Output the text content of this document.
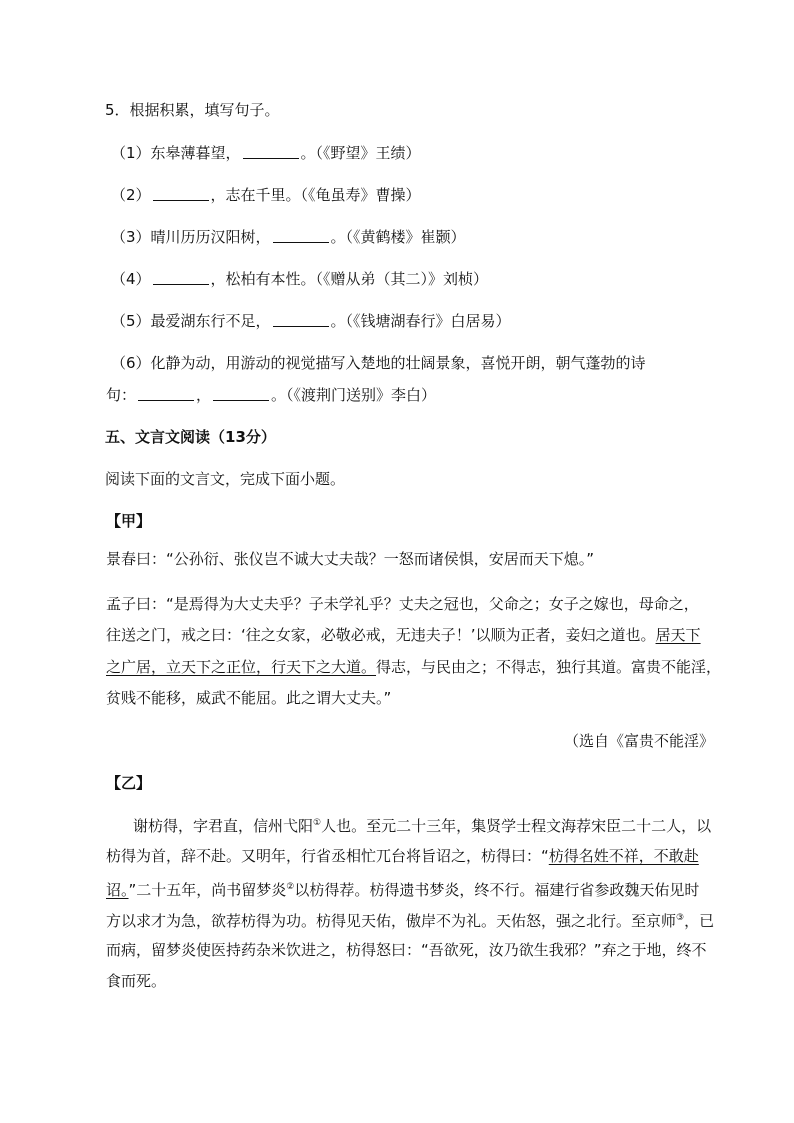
5．根据积累，填写句子。
（1）东皋薄暮望，	。（《野望》王绩）
（2）	，志在千里。（《龟虽寿》曹操）
（3）晴川历历汉阳树，	。（《黄鹤楼》崔颢）
（4）	，松柏有本性。（《赠从弟（其二）》刘桢）
（5）最爱湖东行不足，	。（《钱塘湖春行》白居易）
（6）化静为动，用游动的视觉描写入楚地的壮阔景象，喜悦开朗，朝气蓬勃的诗
句：	，	。（《渡荆门送别》李白）
五、文言文阅读（13分）
阅读下面的文言文，完成下面小题。
【甲】
景春曰：“公孙衍、张仪岂不诚大丈夫哉？一怒而诸侯惧，安居而天下熄。”
孟子曰：“是焉得为大丈夫乎？子未学礼乎？丈夫之冠也，父命之；女子之嫁也，母命之，
往送之门，戒之曰：‘往之女家，必敬必戒，无违夫子！’以顺为正者，妾妇之道也。居天下
之广居，立天下之正位，行天下之大道。得志，与民由之；不得志，独行其道。富贵不能淫，
贫贱不能移，威武不能屈。此之谓大丈夫。”
（选自《富贵不能淫》
【乙】
谢枋得，字君直，信州弋阳①人也。至元二十三年，集贤学士程文海荐宋臣二十二人，以
枋得为首，辞不赴。又明年，行省丞相忙兀台将旨诏之，枋得曰：“枋得名姓不祥，不敢赴
诏。”二十五年，尚书留梦炎②以枋得荐。枋得遗书梦炎，终不行。福建行省参政魏天佑见时
方以求才为急，欲荐枋得为功。枋得见天佑，傲岸不为礼。天佑怒，强之北行。至京师③，已
而病，留梦炎使医持药杂米饮进之，枋得怒曰：“吾欲死，汝乃欲生我邪？”弃之于地，终不
食而死。
